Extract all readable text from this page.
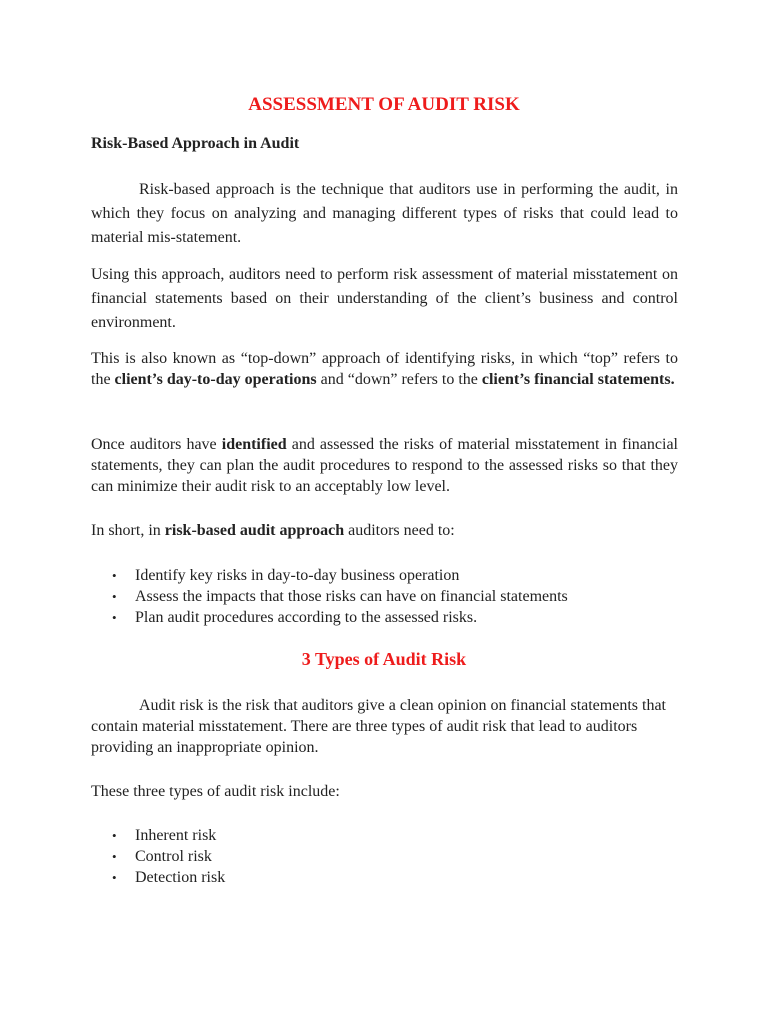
ASSESSMENT OF AUDIT RISK

Risk-Based Approach in Audit

Risk-based approach is the technique that auditors use in performing the audit, in which they focus on analyzing and managing different types of risks that could lead to material mis-statement.

Using this approach, auditors need to perform risk assessment of material misstatement on financial statements based on their understanding of the client’s business and control environment.

This is also known as “top-down” approach of identifying risks, in which “top” refers to the client’s day-to-day operations and “down” refers to the client’s financial statements.

Once auditors have identified and assessed the risks of material misstatement in financial statements, they can plan the audit procedures to respond to the assessed risks so that they can minimize their audit risk to an acceptably low level.

In short, in risk-based audit approach auditors need to:

• Identify key risks in day-to-day business operation
• Assess the impacts that those risks can have on financial statements
• Plan audit procedures according to the assessed risks.
3 Types of Audit Risk

Audit risk is the risk that auditors give a clean opinion on financial statements that contain material misstatement. There are three types of audit risk that lead to auditors providing an inappropriate opinion.

These three types of audit risk include:

• Inherent risk
• Control risk
• Detection risk
